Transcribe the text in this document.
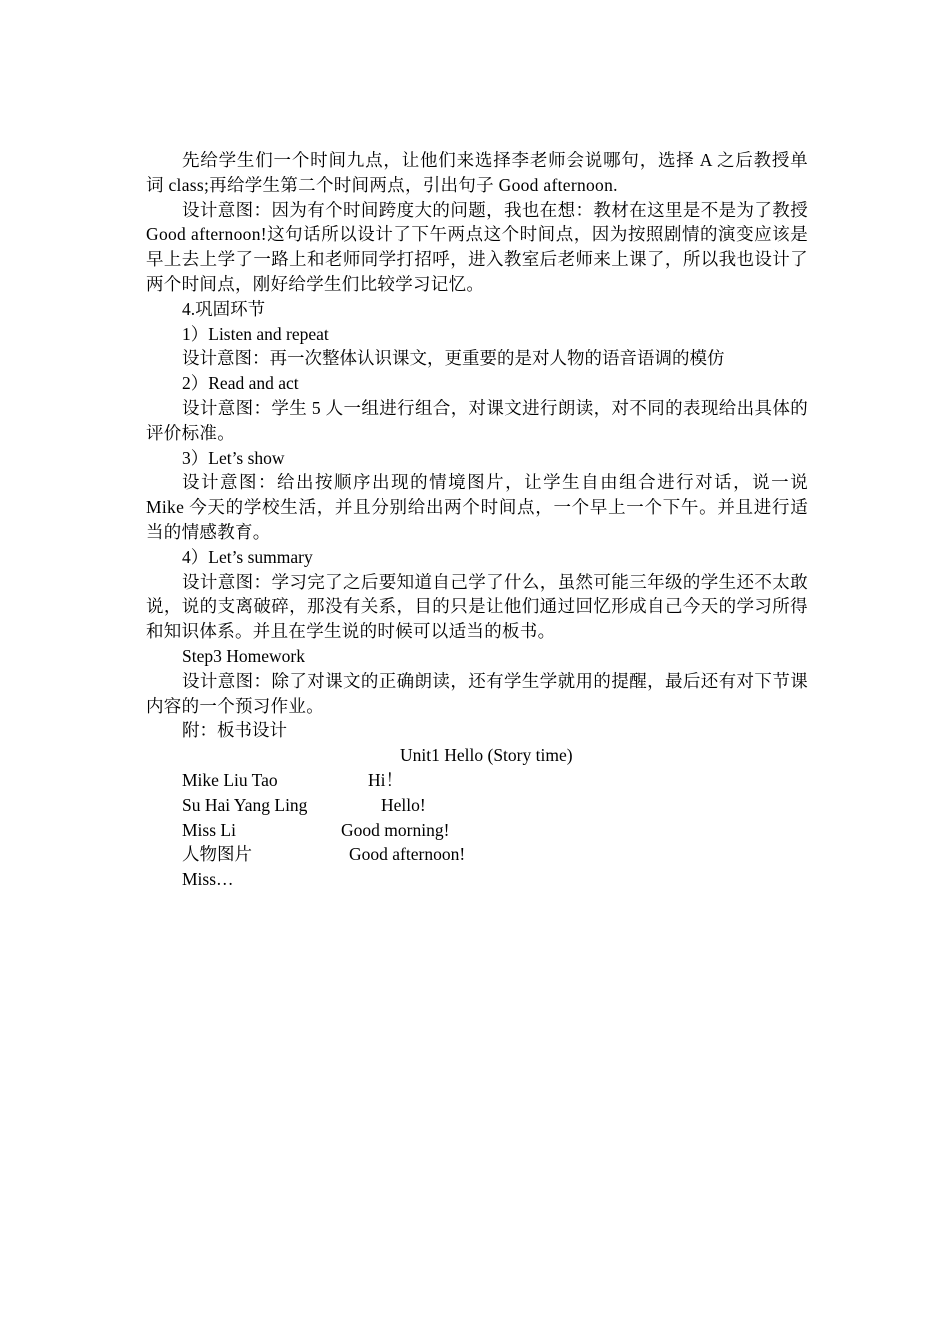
先给学生们一个时间九点，让他们来选择李老师会说哪句，选择 A 之后教授单词 class;再给学生第二个时间两点，引出句子 Good afternoon.

设计意图：因为有个时间跨度大的问题，我也在想：教材在这里是不是为了教授 Good afternoon!这句话所以设计了下午两点这个时间点，因为按照剧情的演变应该是早上去上学了一路上和老师同学打招呼，进入教室后老师来上课了，所以我也设计了两个时间点，刚好给学生们比较学习记忆。

4.巩固环节

1）Listen and repeat

设计意图：再一次整体认识课文，更重要的是对人物的语音语调的模仿

2）Read and act

设计意图：学生 5 人一组进行组合，对课文进行朗读，对不同的表现给出具体的评价标准。

3）Let’s show

设计意图：给出按顺序出现的情境图片，让学生自由组合进行对话，说一说 Mike 今天的学校生活，并且分别给出两个时间点，一个早上一个下午。并且进行适当的情感教育。

4）Let’s summary

设计意图：学习完了之后要知道自己学了什么，虽然可能三年级的学生还不太敢说，说的支离破碎，那没有关系，目的只是让他们通过回忆形成自己今天的学习所得和知识体系。并且在学生说的时候可以适当的板书。

Step3 Homework

设计意图：除了对课文的正确朗读，还有学生学就用的提醒，最后还有对下节课内容的一个预习作业。

附：板书设计

Unit1 Hello (Story time)

Mike Liu Tao	Hi！
Su Hai Yang Ling	Hello!
Miss Li	Good morning!
人物图片	Good afternoon!
Miss…
